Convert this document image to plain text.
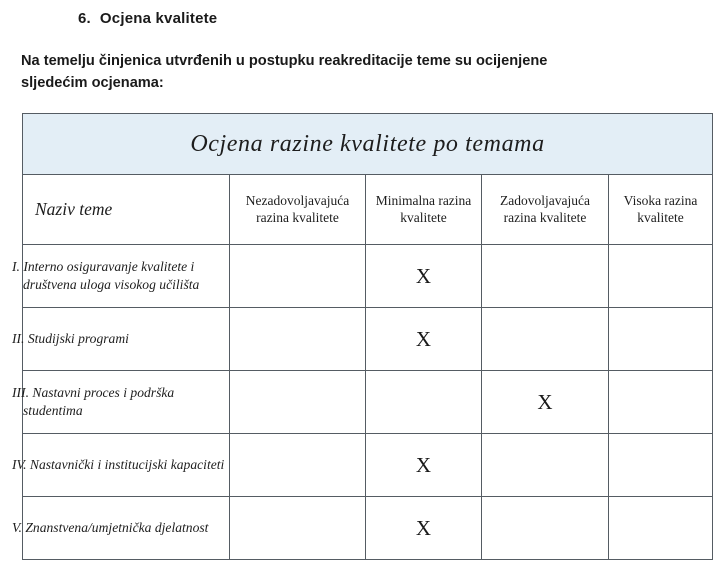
6. Ocjena kvalitete
Na temelju činjenica utvrđenih u postupku reakreditacije teme su ocijenjene
sljedećim ocjenama:
Ocjena razine kvalitete po temama				
Naziv teme	Nezadovoljavajuća razina kvalitete	Minimalna razina kvalitete	Zadovoljavajuća razina kvalitete	Visoka razina kvalitete

I. Interno osiguravanje kvalitete i društvena uloga visokog učilišta		X		
II. Studijski programi		X		
III. Nastavni proces i podrška studentima			X	
IV. Nastavnički i institucijski kapaciteti		X		
V. Znanstvena/umjetnička djelatnost		X		
